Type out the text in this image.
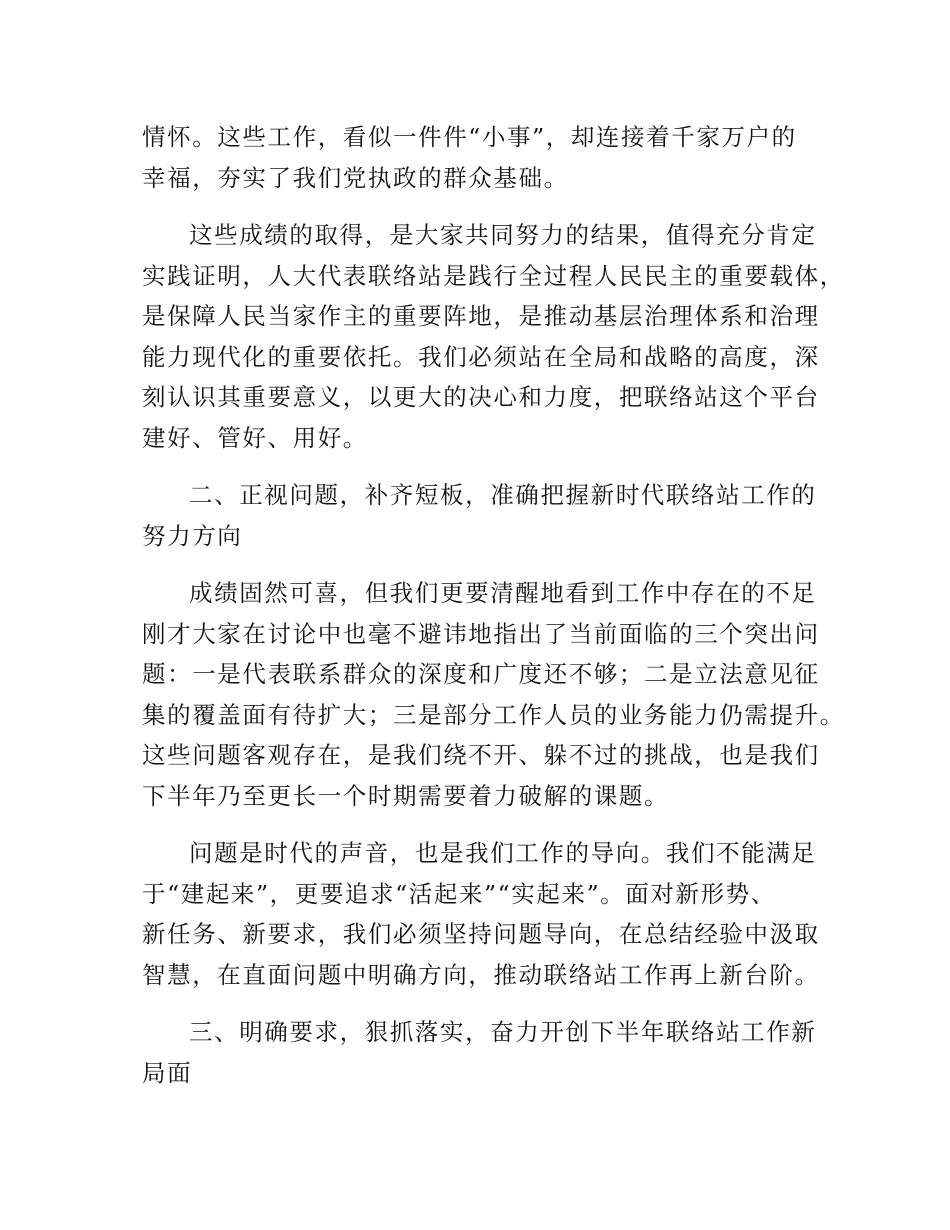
情怀。这些工作，看似一件件“小事”，却连接着千家万户的
幸福，夯实了我们党执政的群众基础。
这些成绩的取得，是大家共同努力的结果，值得充分肯定
实践证明，人大代表联络站是践行全过程人民民主的重要载体，
是保障人民当家作主的重要阵地，是推动基层治理体系和治理
能力现代化的重要依托。我们必须站在全局和战略的高度，深
刻认识其重要意义，以更大的决心和力度，把联络站这个平台
建好、管好、用好。
二、正视问题，补齐短板，准确把握新时代联络站工作的
努力方向
成绩固然可喜，但我们更要清醒地看到工作中存在的不足
刚才大家在讨论中也毫不避讳地指出了当前面临的三个突出问
题：一是代表联系群众的深度和广度还不够；二是立法意见征
集的覆盖面有待扩大；三是部分工作人员的业务能力仍需提升。
这些问题客观存在，是我们绕不开、躲不过的挑战，也是我们
下半年乃至更长一个时期需要着力破解的课题。
问题是时代的声音，也是我们工作的导向。我们不能满足
于“建起来”，更要追求“活起来”“实起来”。面对新形势、
新任务、新要求，我们必须坚持问题导向，在总结经验中汲取
智慧，在直面问题中明确方向，推动联络站工作再上新台阶。
三、明确要求，狠抓落实，奋力开创下半年联络站工作新
局面
